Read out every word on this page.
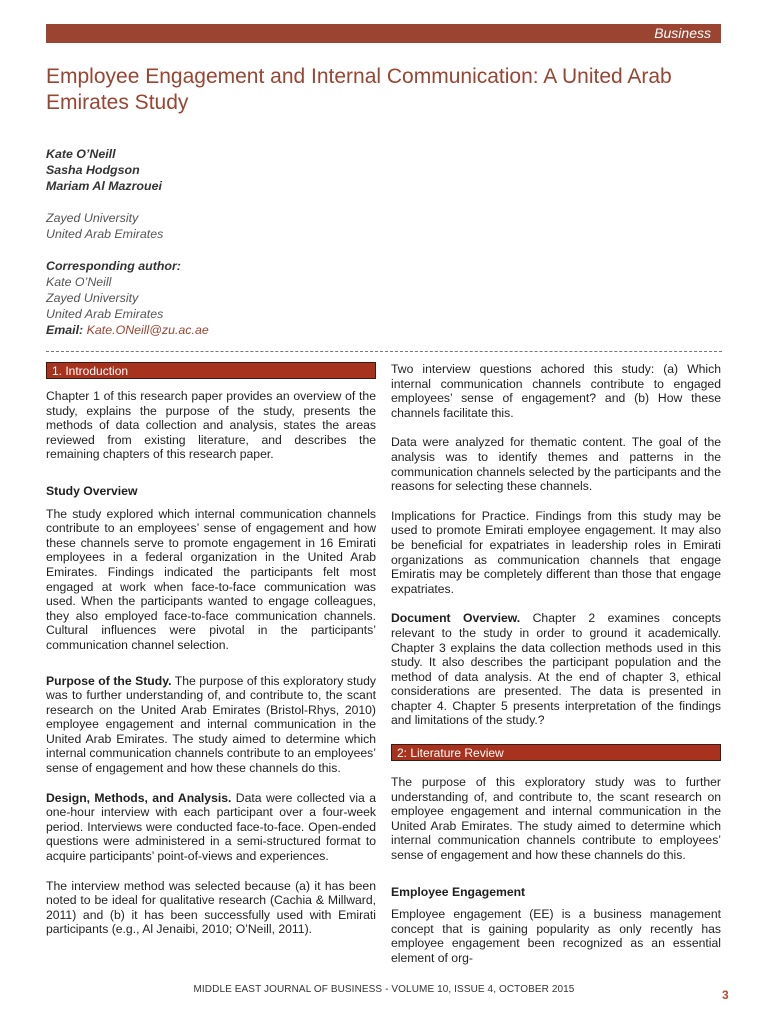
Business
Employee Engagement and Internal Communication: A United Arab Emirates Study
Kate O’Neill
Sasha Hodgson
Mariam Al Mazrouei
Zayed University
United Arab Emirates
Corresponding author:
Kate O’Neill
Zayed University
United Arab Emirates
Email: Kate.ONeill@zu.ac.ae
1. Introduction

Chapter 1 of this research paper provides an overview of the study, explains the purpose of the study, presents the methods of data collection and analysis, states the areas reviewed from existing literature, and describes the remaining chapters of this research paper.

Study Overview

The study explored which internal communication channels contribute to an employees’ sense of engagement and how these channels serve to promote engagement in 16 Emirati employees in a federal organization in the United Arab Emirates. Findings indicated the participants felt most engaged at work when face-to-face communication was used. When the participants wanted to engage colleagues, they also employed face-to-face communication channels. Cultural influences were pivotal in the participants’ communication channel selection.

Purpose of the Study. The purpose of this exploratory study was to further understanding of, and contribute to, the scant research on the United Arab Emirates (Bristol-Rhys, 2010) employee engagement and internal communication in the United Arab Emirates. The study aimed to determine which internal communication channels contribute to an employees’ sense of engagement and how these channels do this.

Design, Methods, and Analysis. Data were collected via a one-hour interview with each participant over a four-week period. Interviews were conducted face-to-face. Open-ended questions were administered in a semi-structured format to acquire participants’ point-of-views and experiences.

The interview method was selected because (a) it has been noted to be ideal for qualitative research (Cachia & Millward, 2011) and (b) it has been successfully used with Emirati participants (e.g., Al Jenaibi, 2010; O’Neill, 2011).

Two interview questions achored this study: (a) Which internal communication channels contribute to engaged employees’ sense of engagement? and (b) How these channels facilitate this.

Data were analyzed for thematic content. The goal of the analysis was to identify themes and patterns in the communication channels selected by the participants and the reasons for selecting these channels.

Implications for Practice. Findings from this study may be used to promote Emirati employee engagement. It may also be beneficial for expatriates in leadership roles in Emirati organizations as communication channels that engage Emiratis may be completely different than those that engage expatriates.

Document Overview. Chapter 2 examines concepts relevant to the study in order to ground it academically. Chapter 3 explains the data collection methods used in this study. It also describes the participant population and the method of data analysis. At the end of chapter 3, ethical considerations are presented. The data is presented in chapter 4. Chapter 5 presents interpretation of the findings and limitations of the study.?

2: Literature Review

The purpose of this exploratory study was to further understanding of, and contribute to, the scant research on employee engagement and internal communication in the United Arab Emirates. The study aimed to determine which internal communication channels contribute to employees’ sense of engagement and how these channels do this.

Employee Engagement

Employee engagement (EE) is a business management concept that is gaining popularity as only recently has employee engagement been recognized as an essential element of org-

MIDDLE EAST JOURNAL OF BUSINESS - VOLUME 10, ISSUE 4, OCTOBER 2015	3
